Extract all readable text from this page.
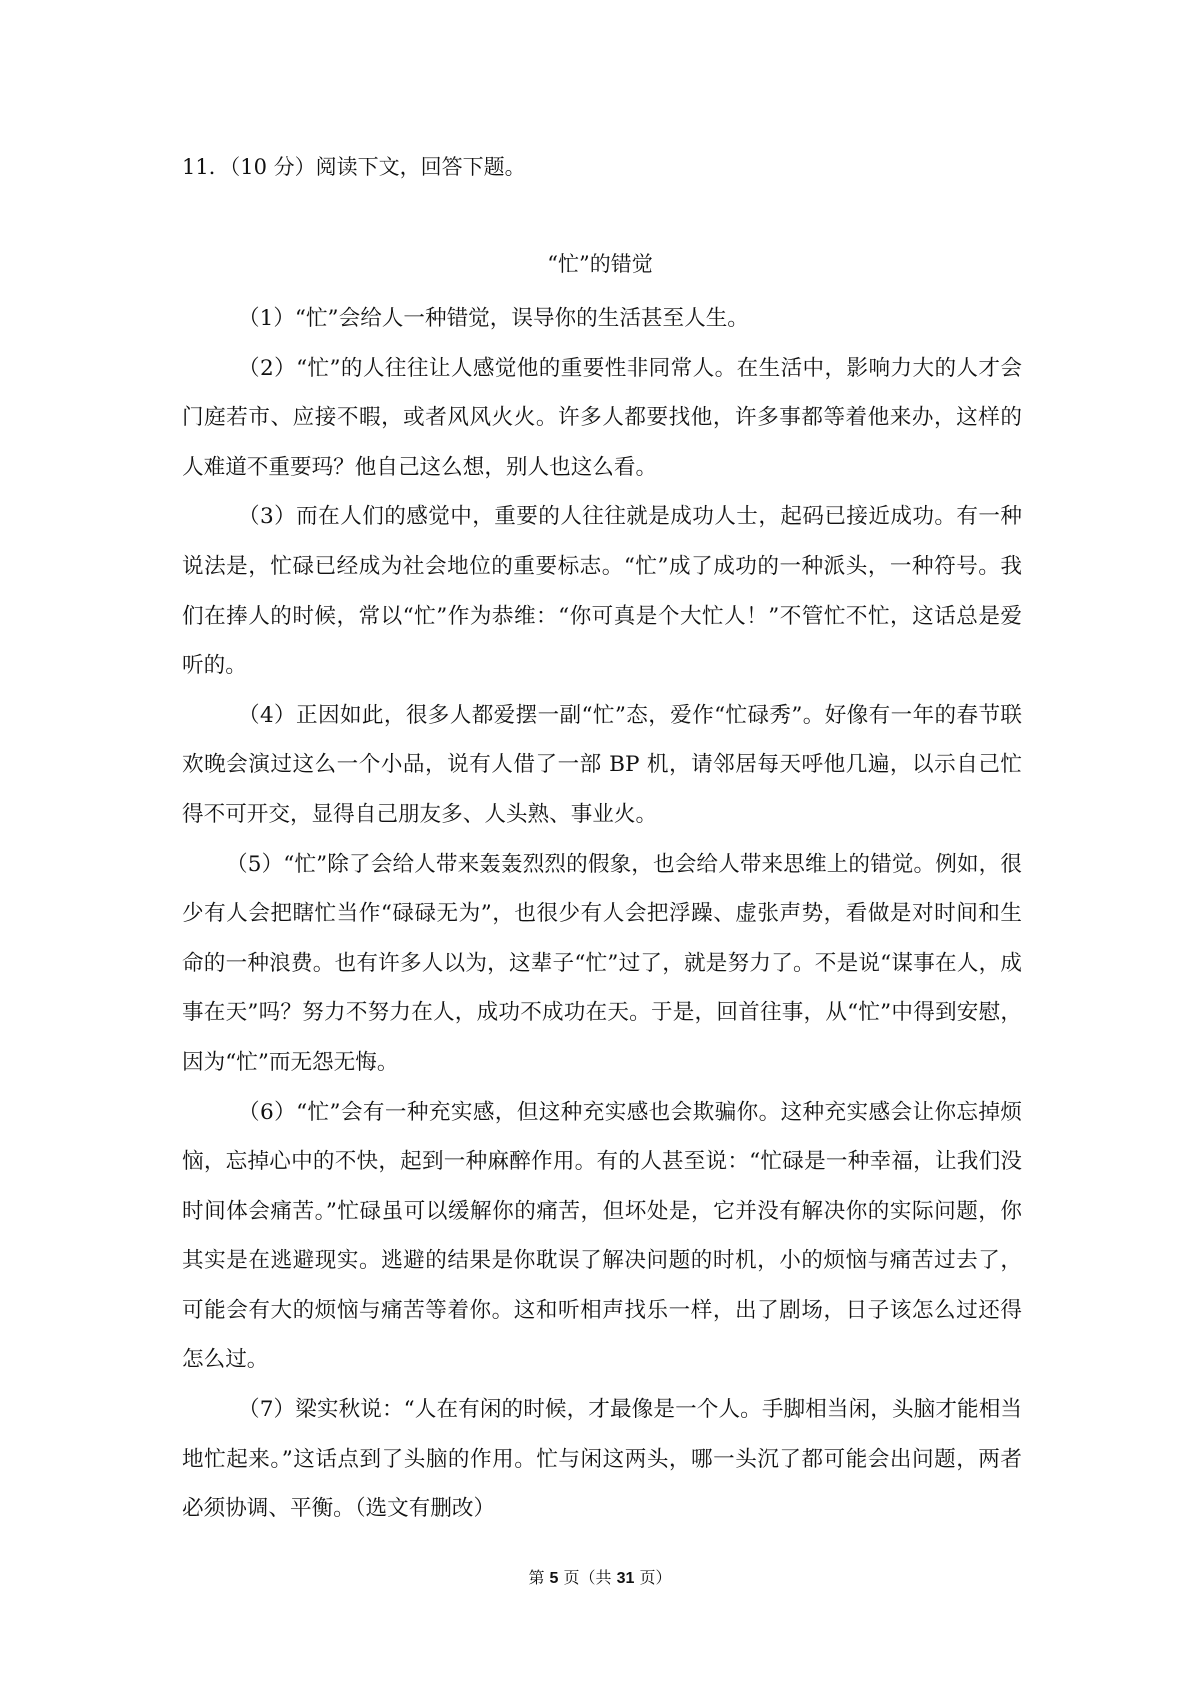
11．（10 分）阅读下文，回答下题。
“忙”的错觉

（1）“忙”会给人一种错觉，误导你的生活甚至人生。

（2）“忙”的人往往让人感觉他的重要性非同常人。在生活中，影响力大的人才会门庭若市、应接不暇，或者风风火火。许多人都要找他，许多事都等着他来办，这样的人难道不重要玛？他自己这么想，别人也这么看。

（3）而在人们的感觉中，重要的人往往就是成功人士，起码已接近成功。有一种说法是，忙碌已经成为社会地位的重要标志。“忙”成了成功的一种派头，一种符号。我们在捧人的时候，常以“忙”作为恭维：“你可真是个大忙人！”不管忙不忙，这话总是爱听的。

（4）正因如此，很多人都爱摆一副“忙”态，爱作“忙碌秀”。好像有一年的春节联欢晚会演过这么一个小品，说有人借了一部 BP 机，请邻居每天呼他几遍，以示自己忙得不可开交，显得自己朋友多、人头熟、事业火。

（5）“忙”除了会给人带来轰轰烈烈的假象，也会给人带来思维上的错觉。例如，很少有人会把瞎忙当作“碌碌无为”，也很少有人会把浮躁、虚张声势，看做是对时间和生命的一种浪费。也有许多人以为，这辈子“忙”过了，就是努力了。不是说“谋事在人，成事在天”吗？努力不努力在人，成功不成功在天。于是，回首往事，从“忙”中得到安慰，因为“忙”而无怨无悔。

（6）“忙”会有一种充实感，但这种充实感也会欺骗你。这种充实感会让你忘掉烦恼，忘掉心中的不快，起到一种麻醉作用。有的人甚至说：“忙碌是一种幸福，让我们没时间体会痛苦。”忙碌虽可以缓解你的痛苦，但坏处是，它并没有解决你的实际问题，你其实是在逃避现实。逃避的结果是你耽误了解决问题的时机，小的烦恼与痛苦过去了，可能会有大的烦恼与痛苦等着你。这和听相声找乐一样，出了剧场，日子该怎么过还得怎么过。

（7）梁实秋说：“人在有闲的时候，才最像是一个人。手脚相当闲，头脑才能相当地忙起来。”这话点到了头脑的作用。忙与闲这两头，哪一头沉了都可能会出问题，两者必须协调、平衡。（选文有删改）

第 5 页（共 31 页）
